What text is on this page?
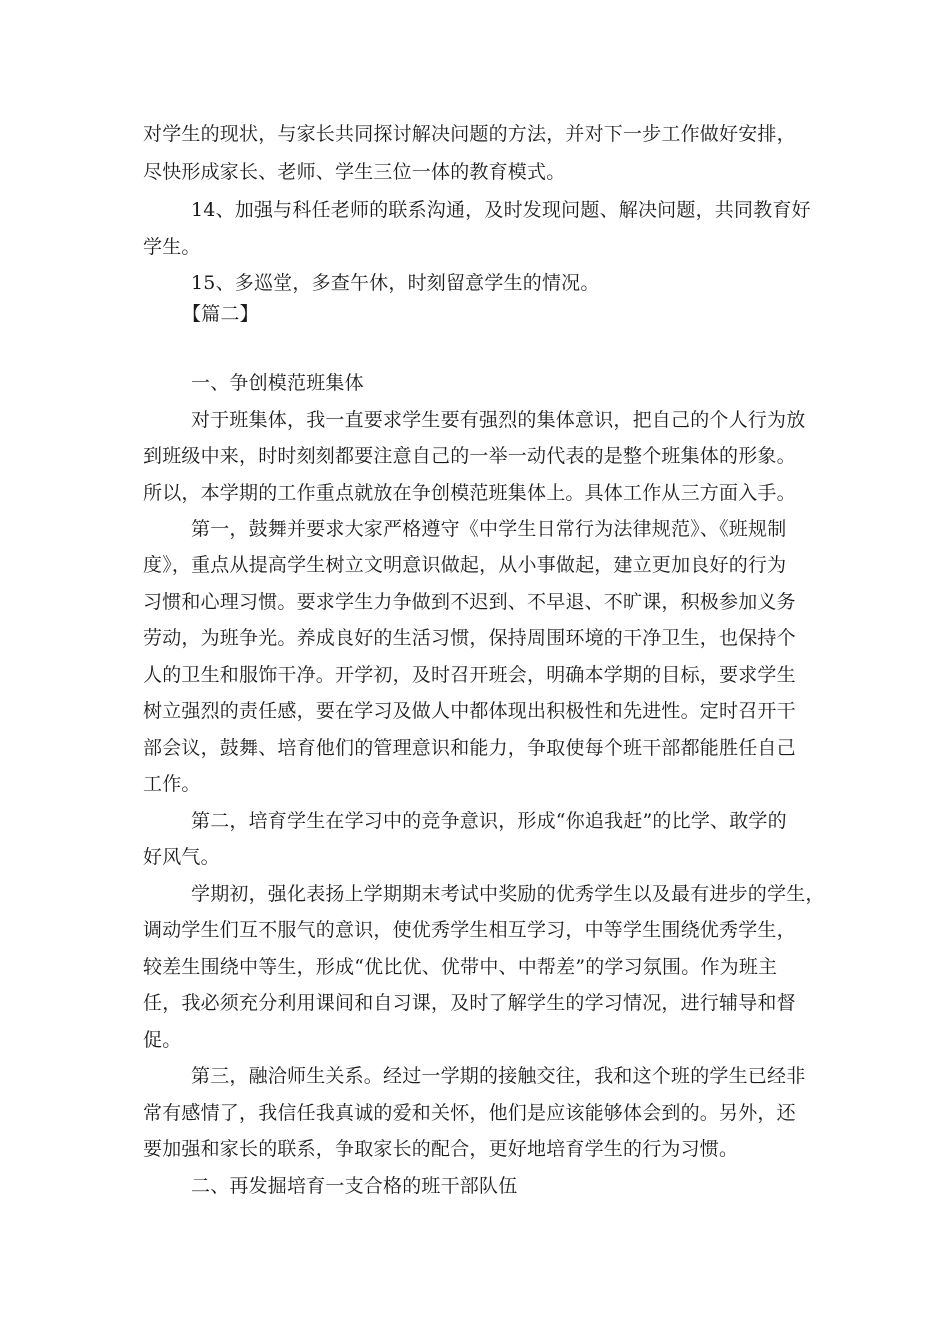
对学生的现状，与家长共同探讨解决问题的方法，并对下一步工作做好安排，
尽快形成家长、老师、学生三位一体的教育模式。
14、加强与科任老师的联系沟通，及时发现问题、解决问题，共同教育好
学生。
15、多巡堂，多查午休，时刻留意学生的情况。
【篇二】
一、争创模范班集体
对于班集体，我一直要求学生要有强烈的集体意识，把自己的个人行为放
到班级中来，时时刻刻都要注意自己的一举一动代表的是整个班集体的形象。
所以，本学期的工作重点就放在争创模范班集体上。具体工作从三方面入手。
第一，鼓舞并要求大家严格遵守《中学生日常行为法律规范》、《班规制
度》，重点从提高学生树立文明意识做起，从小事做起，建立更加良好的行为
习惯和心理习惯。要求学生力争做到不迟到、不早退、不旷课，积极参加义务
劳动，为班争光。养成良好的生活习惯，保持周围环境的干净卫生，也保持个
人的卫生和服饰干净。开学初，及时召开班会，明确本学期的目标，要求学生
树立强烈的责任感，要在学习及做人中都体现出积极性和先进性。定时召开干
部会议，鼓舞、培育他们的管理意识和能力，争取使每个班干部都能胜任自己
工作。
第二，培育学生在学习中的竞争意识，形成“你追我赶”的比学、敢学的
好风气。
学期初，强化表扬上学期期末考试中奖励的优秀学生以及最有进步的学生，
调动学生们互不服气的意识，使优秀学生相互学习，中等学生围绕优秀学生，
较差生围绕中等生，形成“优比优、优带中、中帮差”的学习氛围。作为班主
任，我必须充分利用课间和自习课，及时了解学生的学习情况，进行辅导和督
促。
第三，融洽师生关系。经过一学期的接触交往，我和这个班的学生已经非
常有感情了，我信任我真诚的爱和关怀，他们是应该能够体会到的。另外，还
要加强和家长的联系，争取家长的配合，更好地培育学生的行为习惯。
二、再发掘培育一支合格的班干部队伍
